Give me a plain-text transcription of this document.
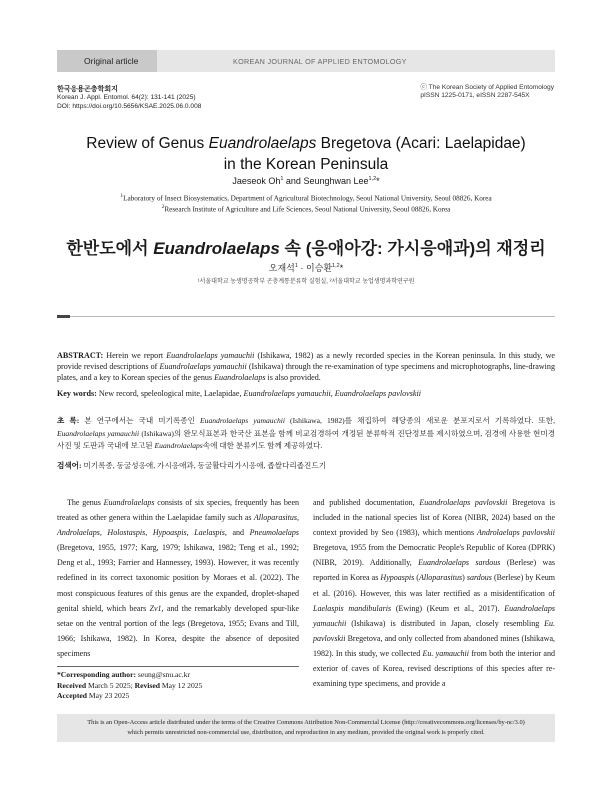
Original article	KOREAN JOURNAL OF APPLIED ENTOMOLOGY
한국응용곤충학회지
Korean J. Appl. Entomol. 64(2): 131-141 (2025)
DOI: https://doi.org/10.5656/KSAE.2025.06.0.008
ⓒ The Korean Society of Applied Entomology
pISSN 1225-0171, eISSN 2287-545X
Review of Genus Euandrolaelaps Bregetova (Acari: Laelapidae)
in the Korean Peninsula
Jaeseok Oh$^1$ and Seunghwan Lee$^{1,2}$*
$^1$Laboratory of Insect Biosystematics, Department of Agricultural Biotechnology, Seoul National University, Seoul 08826, Korea
$^2$Research Institute of Agriculture and Life Sciences, Seoul National University, Seoul 08826, Korea
한반도에서 Euandrolaelaps 속 (응애아강: 가시응애과)의 재정리
오재석$^1$ · 이승환$^{1,2}$*
¹서울대학교 농생명공학부 곤충계통분류학 실험실, ²서울대학교 농업생명과학연구원
ABSTRACT: Herein we report Euandrolaelaps yamauchii (Ishikawa, 1982) as a newly recorded species in the Korean peninsula. In this study, we provide revised descriptions of Euandrolaelaps yamauchii (Ishikawa) through the re-examination of type specimens and microphotographs, line-drawing plates, and a key to Korean species of the genus Euandrolaelaps is also provided.
Key words: New record, speleological mite, Laelapidae, Euandrolaelaps yamauchii, Euandrolaelaps pavlovskii
초 록: 본 연구에서는 국내 미기록종인 Euandrolaelaps yamauchii (Ishikawa, 1982)를 채집하여 해당종의 새로운 분포지로서 기록하였다. 또한, Euandrolaelaps yamauchii (Ishikawa)의 완모식표본과 한국산 표본을 함께 비교검경하여 개정된 분류학적 진단정보를 제시하였으며, 검경에 사용한 현미경사진 및 도판과 국내에 보고된 Euandrolaelaps속에 대한 분류키도 함께 제공하였다.
검색어: 미기록종, 동굴성응애, 가시응애과, 동굴활다리가시응애, 좁쌀다리좁진드기
The genus Euandrolaelaps consists of six species, frequently has been treated as other genera within the Laelapidae family such as Alloparasitus, Androlaelaps, Holostaspis, Hypoaspis, Laelaspis, and Pneumolaelaps (Bregetova, 1955, 1977; Karg, 1979; Ishikawa, 1982; Teng et al., 1992; Deng et al., 1993; Farrier and Hannessey, 1993). However, it was recently redefined in its correct taxonomic position by Moraes et al. (2022). The most conspicuous features of this genus are the expanded, droplet-shaped genital shield, which bears Zv1, and the remarkably developed spur-like setae on the ventral portion of the legs (Bregetova, 1955; Evans and Till, 1966; Ishikawa, 1982). In Korea, despite the absence of deposited specimens
and published documentation, Euandrolaelaps pavlovskii Bregetova is included in the national species list of Korea (NIBR, 2024) based on the context provided by Seo (1983), which mentions Androlaelaps pavlovskii Bregetova, 1955 from the Democratic People's Republic of Korea (DPRK) (NIBR, 2019). Additionally, Euandrolaelaps sardous (Berlese) was reported in Korea as Hypoaspis (Alloparasitus) sardous (Berlese) by Keum et al. (2016). However, this was later rectified as a misidentification of Laelaspis mandibularis (Ewing) (Keum et al., 2017). Euandrolaelaps yamauchii (Ishikawa) is distributed in Japan, closely resembling Eu. pavlovskii Bregetova, and only collected from abandoned mines (Ishikawa, 1982). In this study, we collected Eu. yamauchii from both the interior and exterior of caves of Korea, revised descriptions of this species after re-examining type specimens, and provide a
*Corresponding author: seung@snu.ac.kr
Received March 5 2025; Revised May 12 2025
Accepted May 23 2025
This is an Open-Access article distributed under the terms of the Creative Commons Attribution Non-Commercial License (http://creativecommons.org/licenses/by-nc/3.0)
which permits unrestricted non-commercial use, distribution, and reproduction in any medium, provided the original work is properly cited.
